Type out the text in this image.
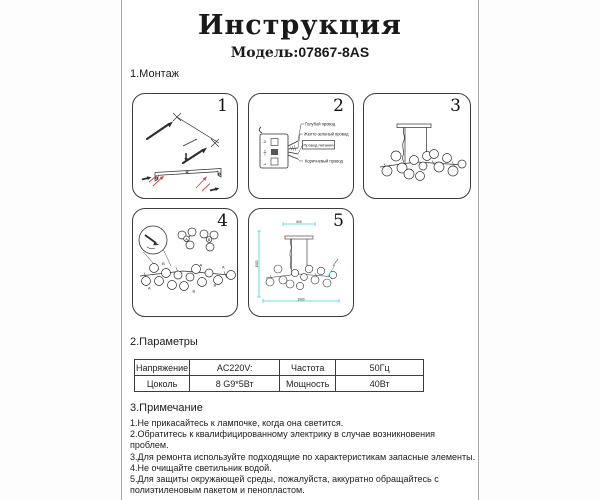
Инструкция
Модель:07867-8AS
1.Монтаж
1
N
L
Голубой провод
Желто-зеленый провод
Провод питания
Коричневый провод
2	3
A	B
B
A
B
A
B
A
4	600
1500
1000
5
2.Параметры
Напряжение	AC220V:	Частота	50Гц
Цоколь	8 G9*5Вт	Мощность	40Вт
3.Примечание
1.Не прикасайтесь к лампочке, когда она светится.
2.Обратитесь к квалифицированному электрику в случае возникновения проблем.
3.Для ремонта используйте подходящие по характеристикам запасные элементы.
4.Не очищайте светильник водой.
5.Для защиты окружающей среды, пожалуйста, аккуратно обращайтесь с полиэтиленовым пакетом и пенопластом.
